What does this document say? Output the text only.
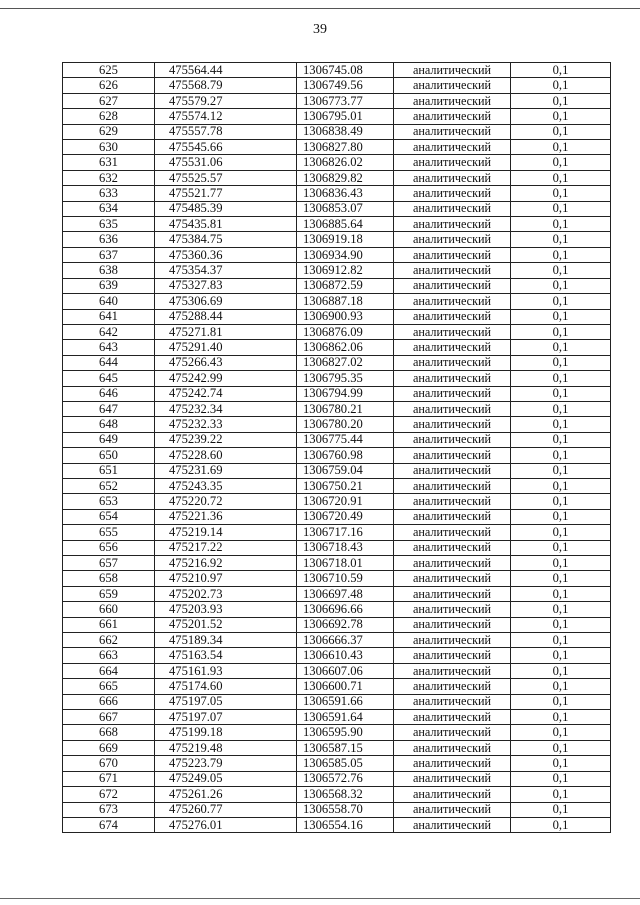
39
625	475564.44	1306745.08	аналитический	0,1
626	475568.79	1306749.56	аналитический	0,1
627	475579.27	1306773.77	аналитический	0,1
628	475574.12	1306795.01	аналитический	0,1
629	475557.78	1306838.49	аналитический	0,1
630	475545.66	1306827.80	аналитический	0,1
631	475531.06	1306826.02	аналитический	0,1
632	475525.57	1306829.82	аналитический	0,1
633	475521.77	1306836.43	аналитический	0,1
634	475485.39	1306853.07	аналитический	0,1
635	475435.81	1306885.64	аналитический	0,1
636	475384.75	1306919.18	аналитический	0,1
637	475360.36	1306934.90	аналитический	0,1
638	475354.37	1306912.82	аналитический	0,1
639	475327.83	1306872.59	аналитический	0,1
640	475306.69	1306887.18	аналитический	0,1
641	475288.44	1306900.93	аналитический	0,1
642	475271.81	1306876.09	аналитический	0,1
643	475291.40	1306862.06	аналитический	0,1
644	475266.43	1306827.02	аналитический	0,1
645	475242.99	1306795.35	аналитический	0,1
646	475242.74	1306794.99	аналитический	0,1
647	475232.34	1306780.21	аналитический	0,1
648	475232.33	1306780.20	аналитический	0,1
649	475239.22	1306775.44	аналитический	0,1
650	475228.60	1306760.98	аналитический	0,1
651	475231.69	1306759.04	аналитический	0,1
652	475243.35	1306750.21	аналитический	0,1
653	475220.72	1306720.91	аналитический	0,1
654	475221.36	1306720.49	аналитический	0,1
655	475219.14	1306717.16	аналитический	0,1
656	475217.22	1306718.43	аналитический	0,1
657	475216.92	1306718.01	аналитический	0,1
658	475210.97	1306710.59	аналитический	0,1
659	475202.73	1306697.48	аналитический	0,1
660	475203.93	1306696.66	аналитический	0,1
661	475201.52	1306692.78	аналитический	0,1
662	475189.34	1306666.37	аналитический	0,1
663	475163.54	1306610.43	аналитический	0,1
664	475161.93	1306607.06	аналитический	0,1
665	475174.60	1306600.71	аналитический	0,1
666	475197.05	1306591.66	аналитический	0,1
667	475197.07	1306591.64	аналитический	0,1
668	475199.18	1306595.90	аналитический	0,1
669	475219.48	1306587.15	аналитический	0,1
670	475223.79	1306585.05	аналитический	0,1
671	475249.05	1306572.76	аналитический	0,1
672	475261.26	1306568.32	аналитический	0,1
673	475260.77	1306558.70	аналитический	0,1
674	475276.01	1306554.16	аналитический	0,1
